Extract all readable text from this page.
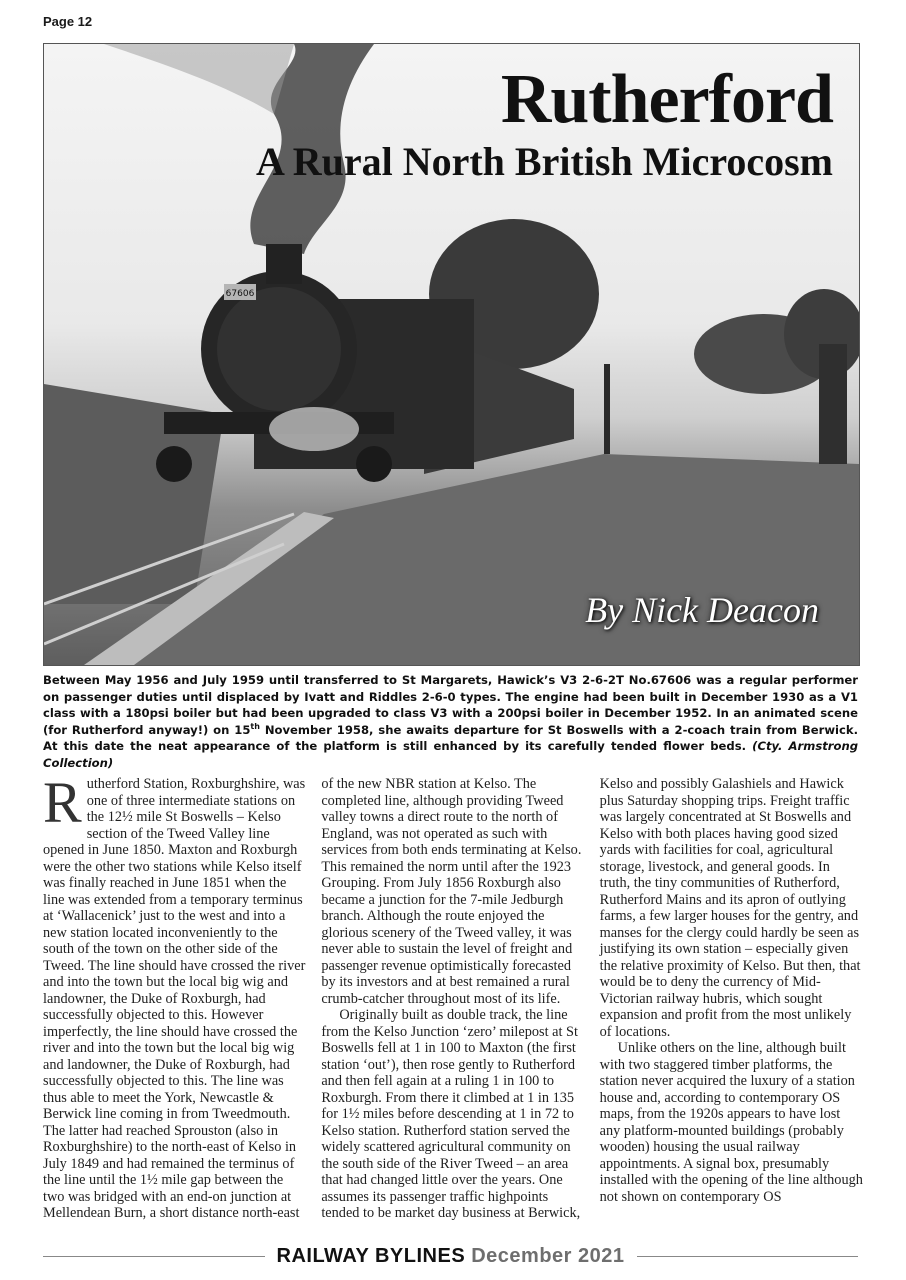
Page 12
67606
Rutherford
A Rural North British Microcosm
By Nick Deacon

Between May 1956 and July 1959 until transferred to St Margarets, Hawick’s V3 2-6-2T No.67606 was a regular performer on passenger duties until displaced by Ivatt and Riddles 2-6-0 types. The engine had been built in December 1930 as a V1 class with a 180psi boiler but had been upgraded to class V3 with a 200psi boiler in December 1952. In an animated scene (for Rutherford anyway!) on 15th November 1958, she awaits departure for St Boswells with a 2-coach train from Berwick. At this date the neat appearance of the platform is still enhanced by its carefully tended flower beds. (Cty. Armstrong Collection)

Rutherford Station, Roxburghshire, was one of three intermediate stations on the 12½ mile St Boswells – Kelso section of the Tweed Valley line opened in June 1850. Maxton and Roxburgh were the other two stations while Kelso itself was finally reached in June 1851 when the line was extended from a temporary terminus at ‘Wallacenick’ just to the west and into a new station located inconveniently to the south of the town on the other side of the Tweed. The line should have crossed the river and into the town but the local big wig and landowner, the Duke of Roxburgh, had successfully objected to this. However imperfectly, the line should have crossed the river and into the town but the local big wig and landowner, the Duke of Roxburgh, had successfully objected to this. The line was thus able to meet the York, Newcastle & Berwick line coming in from Tweedmouth. The latter had reached Sprouston (also in Roxburghshire) to the north-east of Kelso in July 1849 and had remained the terminus of the line until the 1½ mile gap between the two was bridged with an end-on junction at Mellendean Burn, a short distance north-east of the new NBR station at Kelso. The completed line, although providing Tweed valley towns a direct route to the north of England, was not operated as such with services from both ends terminating at Kelso. This remained the norm until after the 1923 Grouping. From July 1856 Roxburgh also became a junction for the 7-mile Jedburgh branch. Although the route enjoyed the glorious scenery of the Tweed valley, it was never able to sustain the level of freight and passenger revenue optimistically forecasted by its investors and at best remained a rural crumb-catcher throughout most of its life.

Originally built as double track, the line from the Kelso Junction ‘zero’ milepost at St Boswells fell at 1 in 100 to Maxton (the first station ‘out’), then rose gently to Rutherford and then fell again at a ruling 1 in 100 to Roxburgh. From there it climbed at 1 in 135 for 1½ miles before descending at 1 in 72 to Kelso station. Rutherford station served the widely scattered agricultural community on the south side of the River Tweed – an area that had changed little over the years. One assumes its passenger traffic highpoints tended to be market day business at Berwick, Kelso and possibly Galashiels and Hawick plus Saturday shopping trips. Freight traffic was largely concentrated at St Boswells and Kelso with both places having good sized yards with facilities for coal, agricultural storage, livestock, and general goods. In truth, the tiny communities of Rutherford, Rutherford Mains and its apron of outlying farms, a few larger houses for the gentry, and manses for the clergy could hardly be seen as justifying its own station – especially given the relative proximity of Kelso. But then, that would be to deny the currency of Mid-Victorian railway hubris, which sought expansion and profit from the most unlikely of locations.

Unlike others on the line, although built with two staggered timber platforms, the station never acquired the luxury of a station house and, according to contemporary OS maps, from the 1920s appears to have lost any platform-mounted buildings (probably wooden) housing the usual railway appointments. A signal box, presumably installed with the opening of the line although not shown on contemporary OS

RAILWAY BYLINES December 2021
